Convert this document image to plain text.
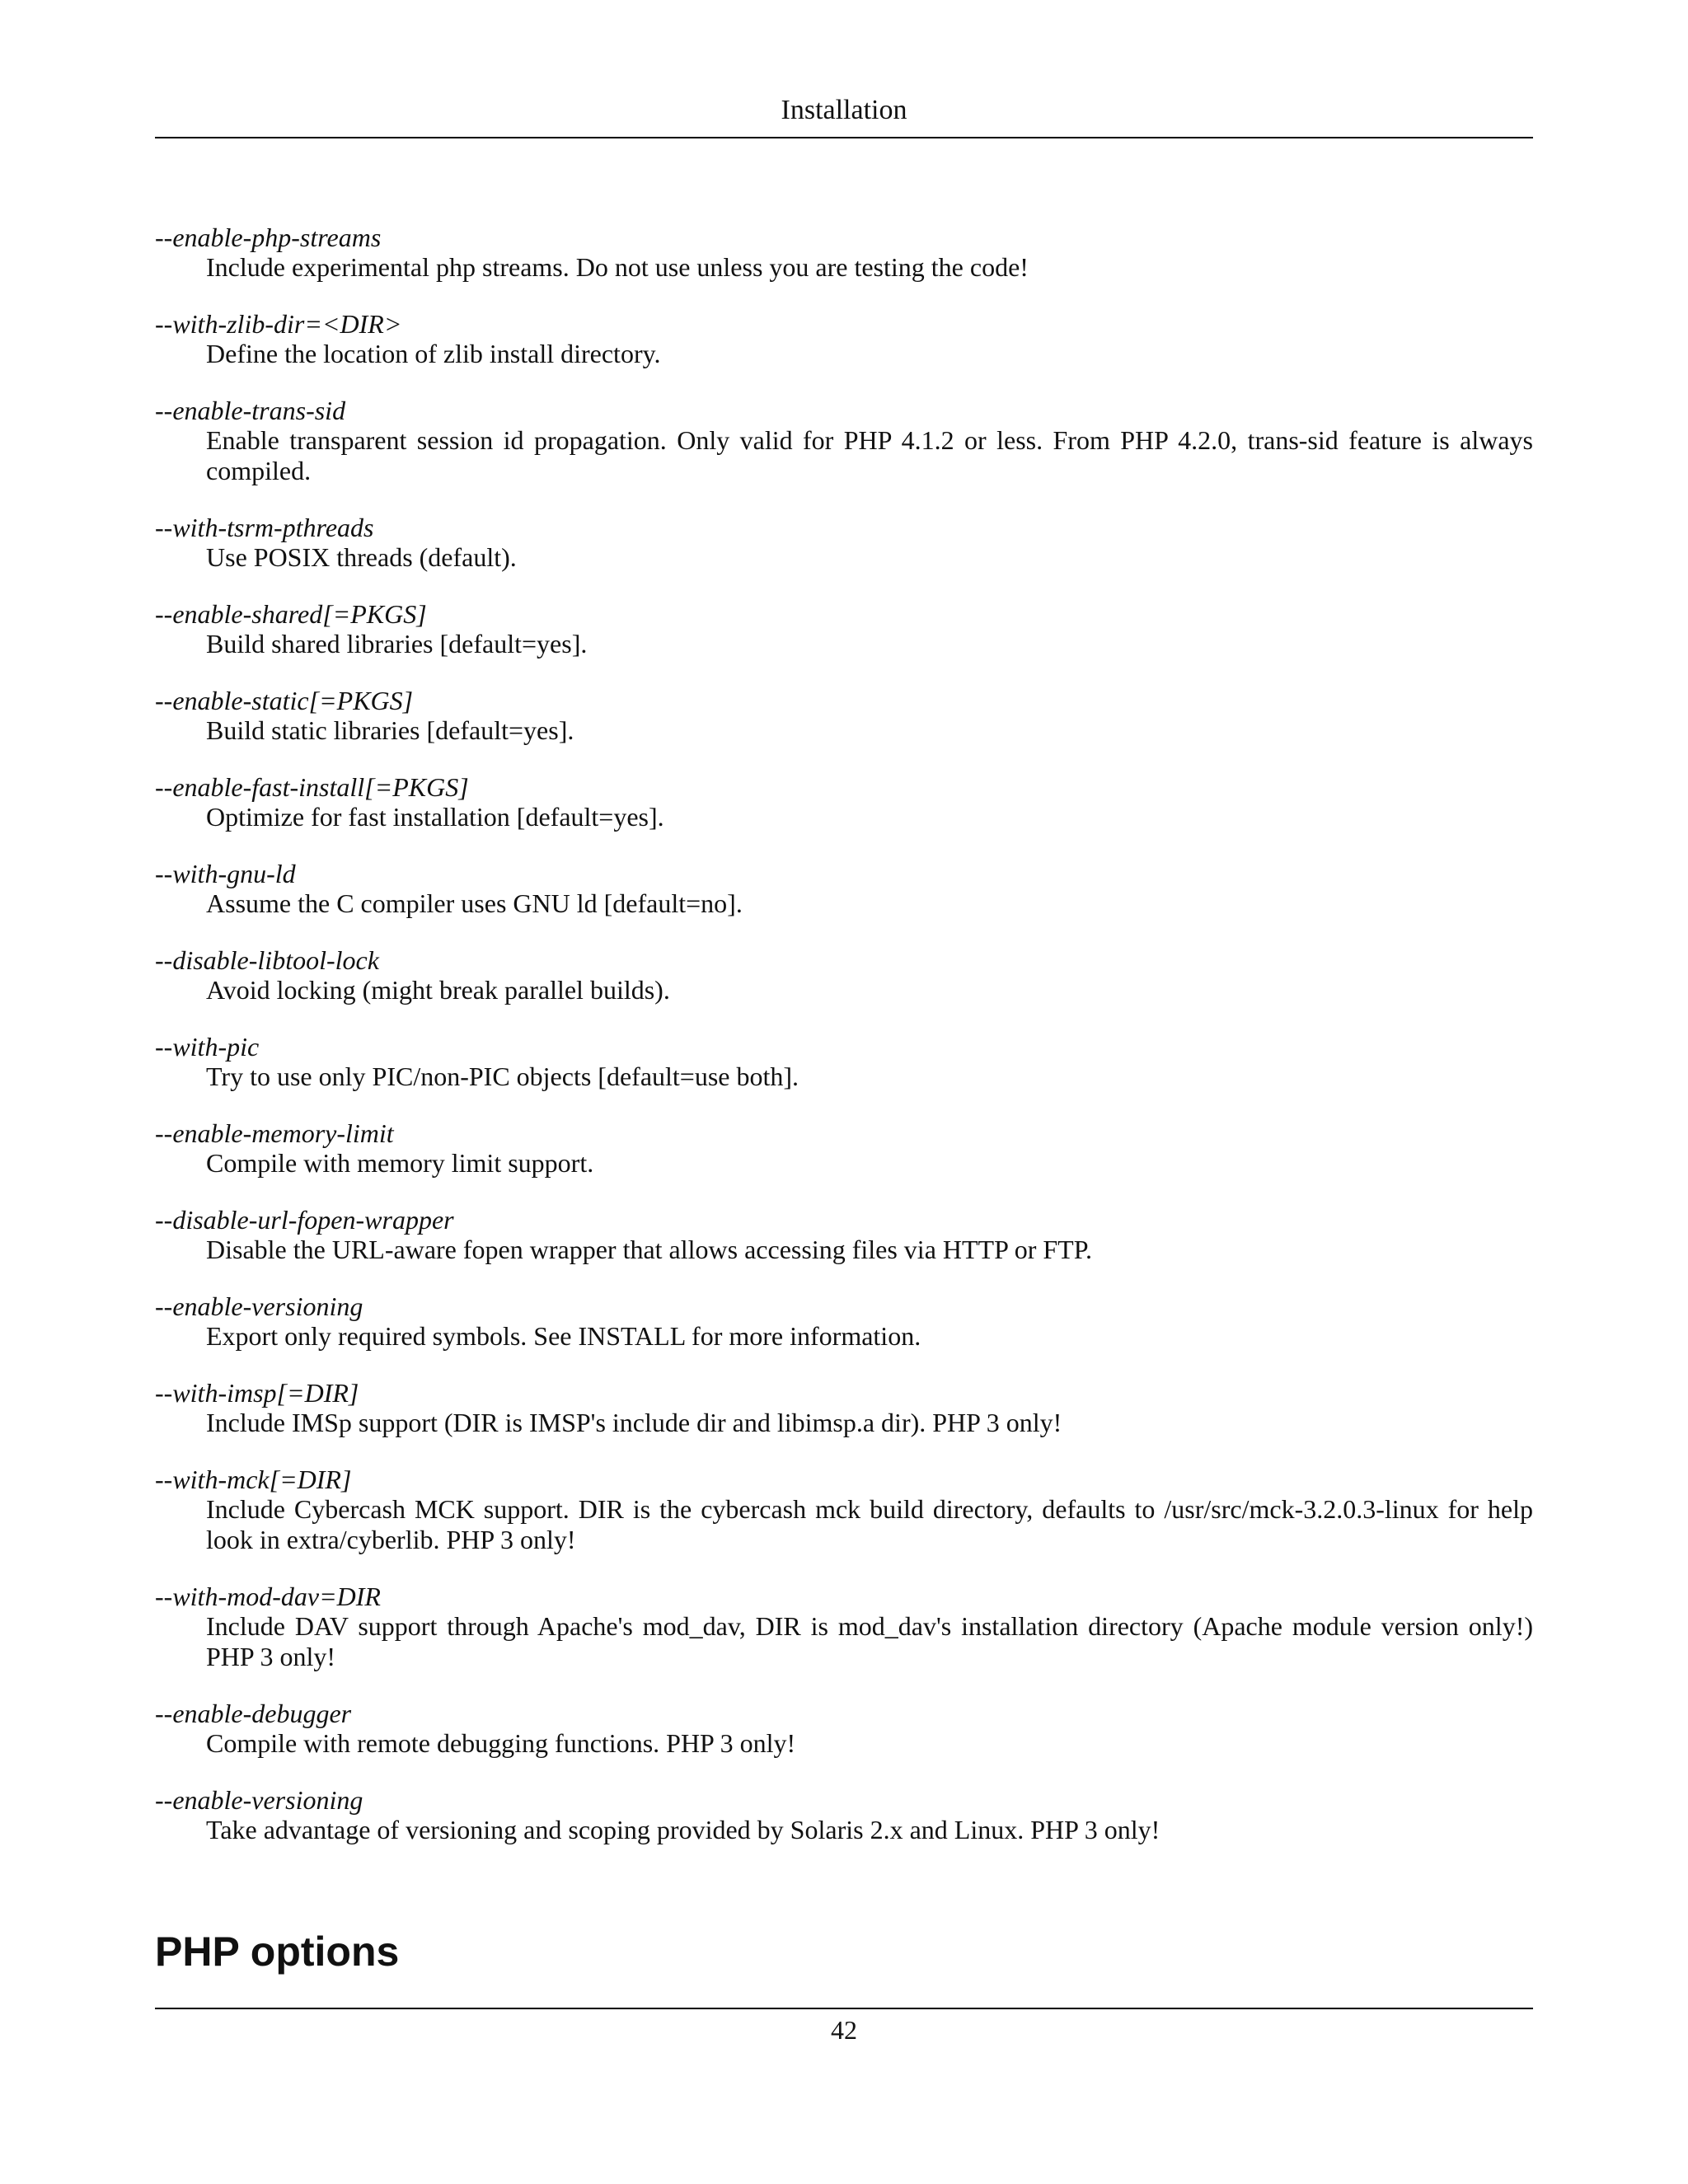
Installation
--enable-php-streams
Include experimental php streams. Do not use unless you are testing the code!
--with-zlib-dir=<DIR>
Define the location of zlib install directory.
--enable-trans-sid
Enable transparent session id propagation. Only valid for PHP 4.1.2 or less. From PHP 4.2.0, trans-sid feature is always compiled.
--with-tsrm-pthreads
Use POSIX threads (default).
--enable-shared[=PKGS]
Build shared libraries [default=yes].
--enable-static[=PKGS]
Build static libraries [default=yes].
--enable-fast-install[=PKGS]
Optimize for fast installation [default=yes].
--with-gnu-ld
Assume the C compiler uses GNU ld [default=no].
--disable-libtool-lock
Avoid locking (might break parallel builds).
--with-pic
Try to use only PIC/non-PIC objects [default=use both].
--enable-memory-limit
Compile with memory limit support.
--disable-url-fopen-wrapper
Disable the URL-aware fopen wrapper that allows accessing files via HTTP or FTP.
--enable-versioning
Export only required symbols. See INSTALL for more information.
--with-imsp[=DIR]
Include IMSp support (DIR is IMSP's include dir and libimsp.a dir). PHP 3 only!
--with-mck[=DIR]
Include Cybercash MCK support. DIR is the cybercash mck build directory, defaults to /usr/src/mck-3.2.0.3-linux for help look in extra/cyberlib. PHP 3 only!
--with-mod-dav=DIR
Include DAV support through Apache's mod_dav, DIR is mod_dav's installation directory (Apache module version only!) PHP 3 only!
--enable-debugger
Compile with remote debugging functions. PHP 3 only!
--enable-versioning
Take advantage of versioning and scoping provided by Solaris 2.x and Linux. PHP 3 only!
PHP options
42
